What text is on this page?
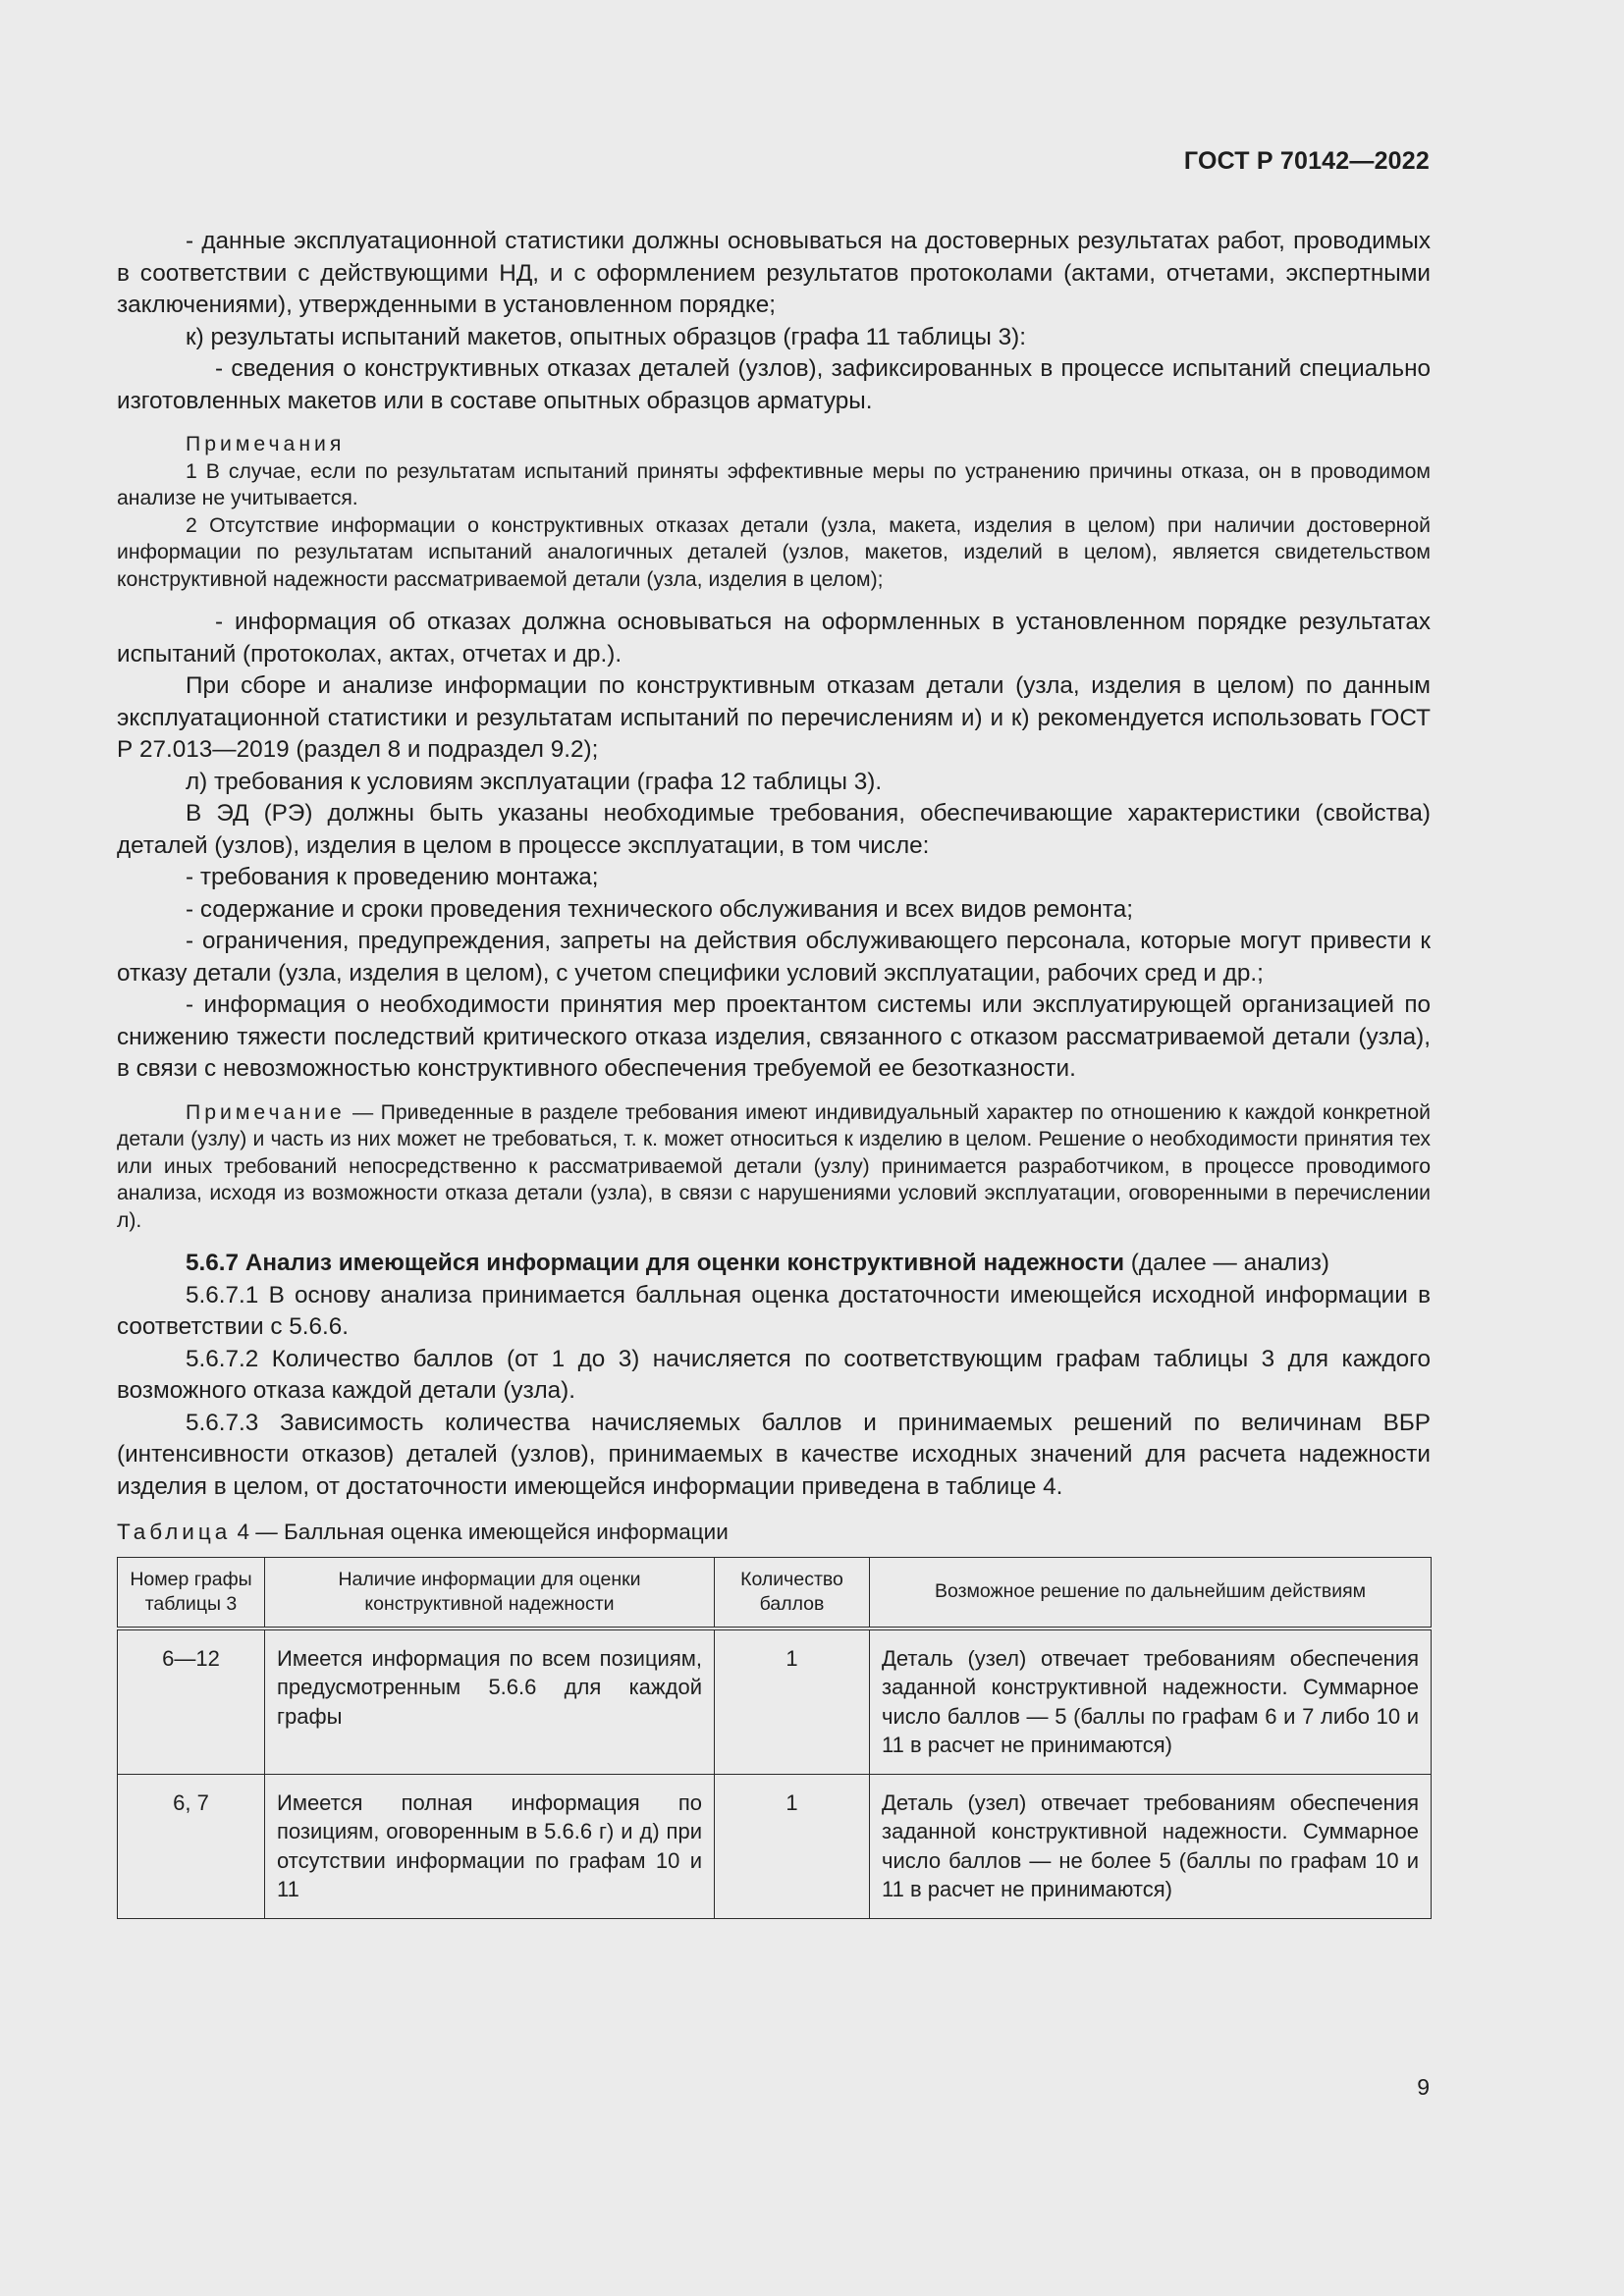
ГОСТ Р 70142—2022

- данные эксплуатационной статистики должны основываться на достоверных результатах работ, проводимых в соответствии с действующими НД, и с оформлением результатов протоколами (актами, отчетами, экспертными заключениями), утвержденными в установленном порядке;

к) результаты испытаний макетов, опытных образцов (графа 11 таблицы 3):

- сведения о конструктивных отказах деталей (узлов), зафиксированных в процессе испытаний специально изготовленных макетов или в составе опытных образцов арматуры.

Примечания

1 В случае, если по результатам испытаний приняты эффективные меры по устранению причины отказа, он в проводимом анализе не учитывается.

2 Отсутствие информации о конструктивных отказах детали (узла, макета, изделия в целом) при наличии достоверной информации по результатам испытаний аналогичных деталей (узлов, макетов, изделий в целом), является свидетельством конструктивной надежности рассматриваемой детали (узла, изделия в целом);

- информация об отказах должна основываться на оформленных в установленном порядке результатах испытаний (протоколах, актах, отчетах и др.).

При сборе и анализе информации по конструктивным отказам детали (узла, изделия в целом) по данным эксплуатационной статистики и результатам испытаний по перечислениям и) и к) рекомендуется использовать ГОСТ Р 27.013—2019 (раздел 8 и подраздел 9.2);

л) требования к условиям эксплуатации (графа 12 таблицы 3).

В ЭД (РЭ) должны быть указаны необходимые требования, обеспечивающие характеристики (свойства) деталей (узлов), изделия в целом в процессе эксплуатации, в том числе:

- требования к проведению монтажа;

- содержание и сроки проведения технического обслуживания и всех видов ремонта;

- ограничения, предупреждения, запреты на действия обслуживающего персонала, которые могут привести к отказу детали (узла, изделия в целом), с учетом специфики условий эксплуатации, рабочих сред и др.;

- информация о необходимости принятия мер проектантом системы или эксплуатирующей организацией по снижению тяжести последствий критического отказа изделия, связанного с отказом рассматриваемой детали (узла), в связи с невозможностью конструктивного обеспечения требуемой ее безотказности.

Примечание — Приведенные в разделе требования имеют индивидуальный характер по отношению к каждой конкретной детали (узлу) и часть из них может не требоваться, т. к. может относиться к изделию в целом. Решение о необходимости принятия тех или иных требований непосредственно к рассматриваемой детали (узлу) принимается разработчиком, в процессе проводимого анализа, исходя из возможности отказа детали (узла), в связи с нарушениями условий эксплуатации, оговоренными в перечислении л).

5.6.7 Анализ имеющейся информации для оценки конструктивной надежности (далее — анализ)

5.6.7.1 В основу анализа принимается балльная оценка достаточности имеющейся исходной информации в соответствии с 5.6.6.

5.6.7.2 Количество баллов (от 1 до 3) начисляется по соответствующим графам таблицы 3 для каждого возможного отказа каждой детали (узла).

5.6.7.3 Зависимость количества начисляемых баллов и принимаемых решений по величинам ВБР (интенсивности отказов) деталей (узлов), принимаемых в качестве исходных значений для расчета надежности изделия в целом, от достаточности имеющейся информации приведена в таблице 4.

Таблица 4 — Балльная оценка имеющейся информации
Номер графы таблицы 3	Наличие информации для оценки конструктивной надежности	Количество баллов	Возможное решение по дальнейшим действиям
6—12	Имеется информация по всем позициям, предусмотренным 5.6.6 для каждой графы	1	Деталь (узел) отвечает требованиям обеспечения заданной конструктивной надежности. Суммарное число баллов — 5 (баллы по графам 6 и 7 либо 10 и 11 в расчет не принимаются)
6, 7	Имеется полная информация по позициям, оговоренным в 5.6.6 г) и д) при отсутствии информации по графам 10 и 11	1	Деталь (узел) отвечает требованиям обеспечения заданной конструктивной надежности. Суммарное число баллов — не более 5 (баллы по графам 10 и 11 в расчет не принимаются)
9
